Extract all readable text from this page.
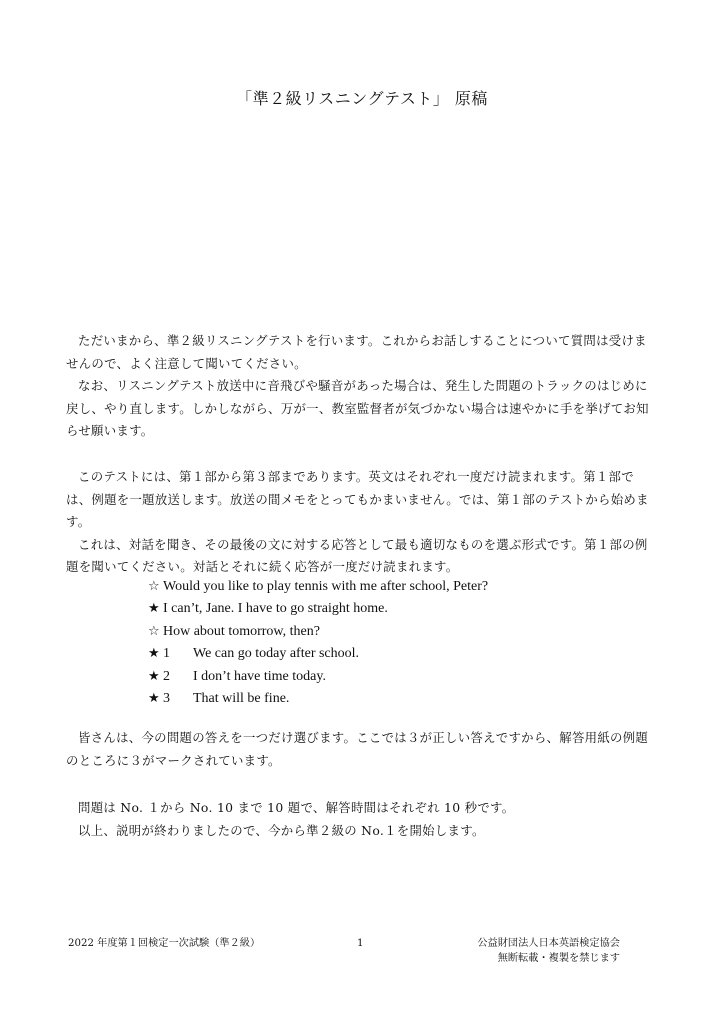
「準２級リスニングテスト」 原稿

ただいまから、準２級リスニングテストを行います。これからお話しすることについて質問は受けませんので、よく注意して聞いてください。

なお、リスニングテスト放送中に音飛びや騒音があった場合は、発生した問題のトラックのはじめに戻し、やり直します。しかしながら、万が一、教室監督者が気づかない場合は速やかに手を挙げてお知らせ願います。

このテストには、第１部から第３部まであります。英文はそれぞれ一度だけ読まれます。第１部では、例題を一題放送します。放送の間メモをとってもかまいません。では、第１部のテストから始めます。

これは、対話を聞き、その最後の文に対する応答として最も適切なものを選ぶ形式です。第１部の例題を聞いてください。対話とそれに続く応答が一度だけ読まれます。

☆ Would you like to play tennis with me after school, Peter?
★ I can’t, Jane. I have to go straight home.
☆ How about tomorrow, then?
★ 1 We can go today after school.
★ 2 I don’t have time today.
★ 3 That will be fine.

皆さんは、今の問題の答えを一つだけ選びます。ここでは３が正しい答えですから、解答用紙の例題のところに３がマークされています。

問題は No. １から No. 10 まで 10 題で、解答時間はそれぞれ 10 秒です。

以上、説明が終わりましたので、今から準２級の No.１を開始します。

2022 年度第１回検定一次試験（準２級）	1	公益財団法人日本英語検定協会
無断転載・複製を禁じます
